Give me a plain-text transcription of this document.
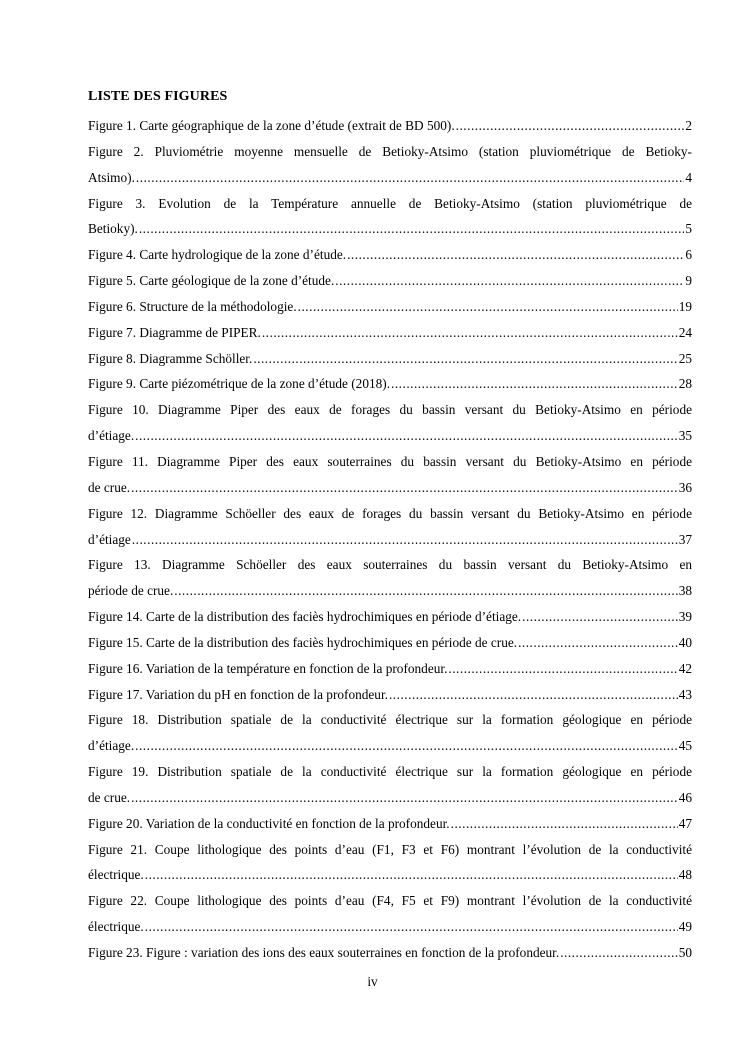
LISTE DES FIGURES
Figure 1. Carte géographique de la zone d’étude (extrait de BD 500). .....	2
Figure 2. Pluviométrie moyenne mensuelle de Betioky-Atsimo (station pluviométrique de Betioky-
Atsimo). .....	4
Figure 3. Evolution de la Température annuelle de Betioky-Atsimo (station pluviométrique de
Betioky). .....	5
Figure 4. Carte hydrologique de la zone d’étude. .....	6
Figure 5. Carte géologique de la zone d’étude. .....	9
Figure 6. Structure de la méthodologie. .....	19
Figure 7. Diagramme de PIPER. .....	24
Figure 8. Diagramme Schöller. .....	25
Figure 9. Carte piézométrique de la zone d’étude (2018). .....	28
Figure 10. Diagramme Piper des eaux de forages du bassin versant du Betioky-Atsimo en période
d’étiage. .....	35
Figure 11. Diagramme Piper des eaux souterraines du bassin versant du Betioky-Atsimo en période
de crue. .....	36
Figure 12. Diagramme Schöeller des eaux de forages du bassin versant du Betioky-Atsimo en période
d’étiage .....	37
Figure 13. Diagramme Schöeller des eaux souterraines du bassin versant du Betioky-Atsimo en
période de crue. .....	38
Figure 14. Carte de la distribution des faciès hydrochimiques en période d’étiage. .....	39
Figure 15. Carte de la distribution des faciès hydrochimiques en période de crue. .....	40
Figure 16. Variation de la température en fonction de la profondeur. .....	42
Figure 17. Variation du pH en fonction de la profondeur. .....	43
Figure 18. Distribution spatiale de la conductivité électrique sur la formation géologique en période
d’étiage. .....	45
Figure 19. Distribution spatiale de la conductivité électrique sur la formation géologique en période
de crue. .....	46
Figure 20. Variation de la conductivité en fonction de la profondeur. .....	47
Figure 21. Coupe lithologique des points d’eau (F1, F3 et F6) montrant l’évolution de la conductivité
électrique. .....	48
Figure 22. Coupe lithologique des points d’eau (F4, F5 et F9) montrant l’évolution de la conductivité
électrique. .....	49
Figure 23. Figure : variation des ions des eaux souterraines en fonction de la profondeur. .....	50
iv
